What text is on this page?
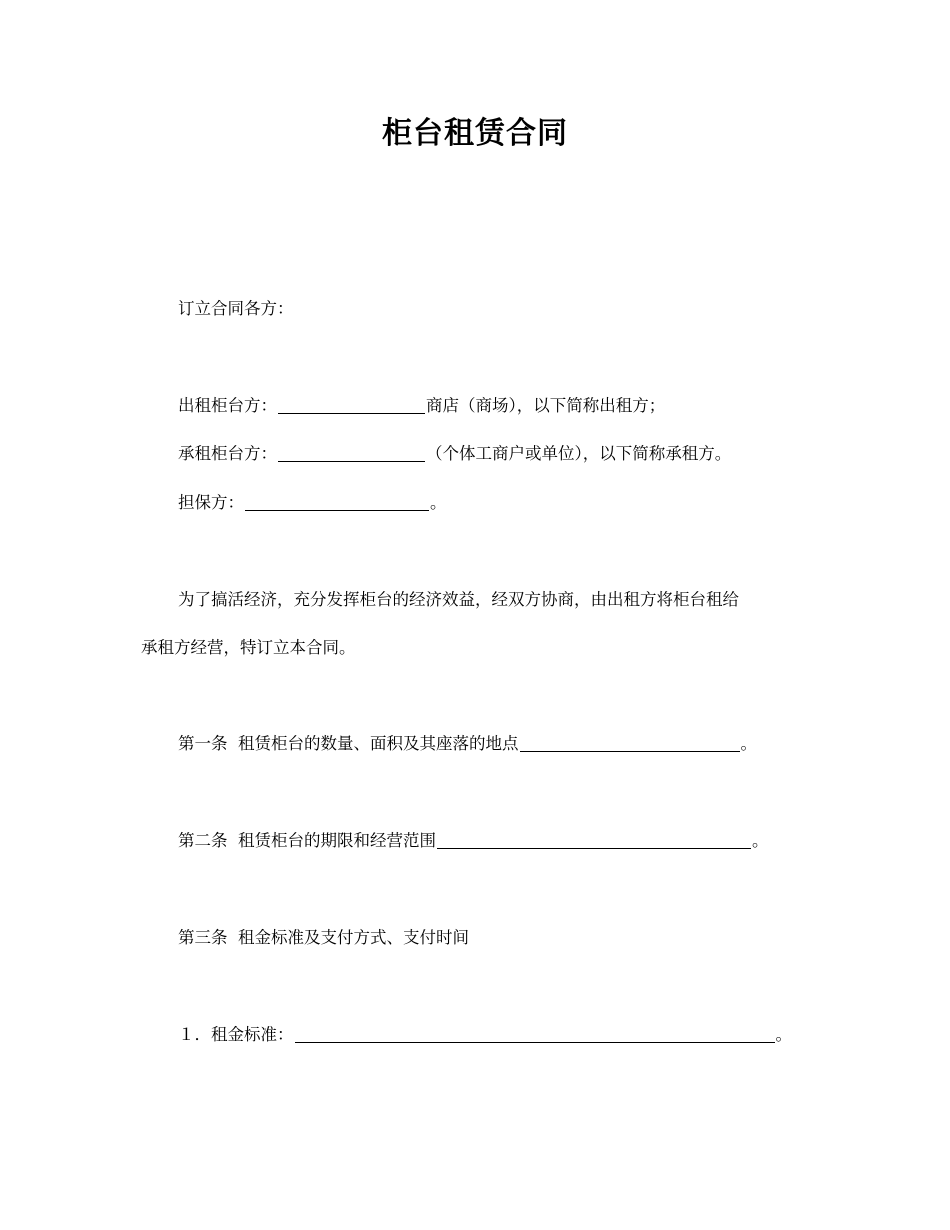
柜台租赁合同
订立合同各方：
出租柜台方：	商店（商场），以下简称出租方；
承租柜台方：	（个体工商户或单位），以下简称承租方。
担保方：	。
为了搞活经济，充分发挥柜台的经济效益，经双方协商，由出租方将柜台租给
承租方经营，特订立本合同。
第一条 租赁柜台的数量、面积及其座落的地点	。
第二条 租赁柜台的期限和经营范围	。
第三条 租金标准及支付方式、支付时间
１．租金标准：	。
